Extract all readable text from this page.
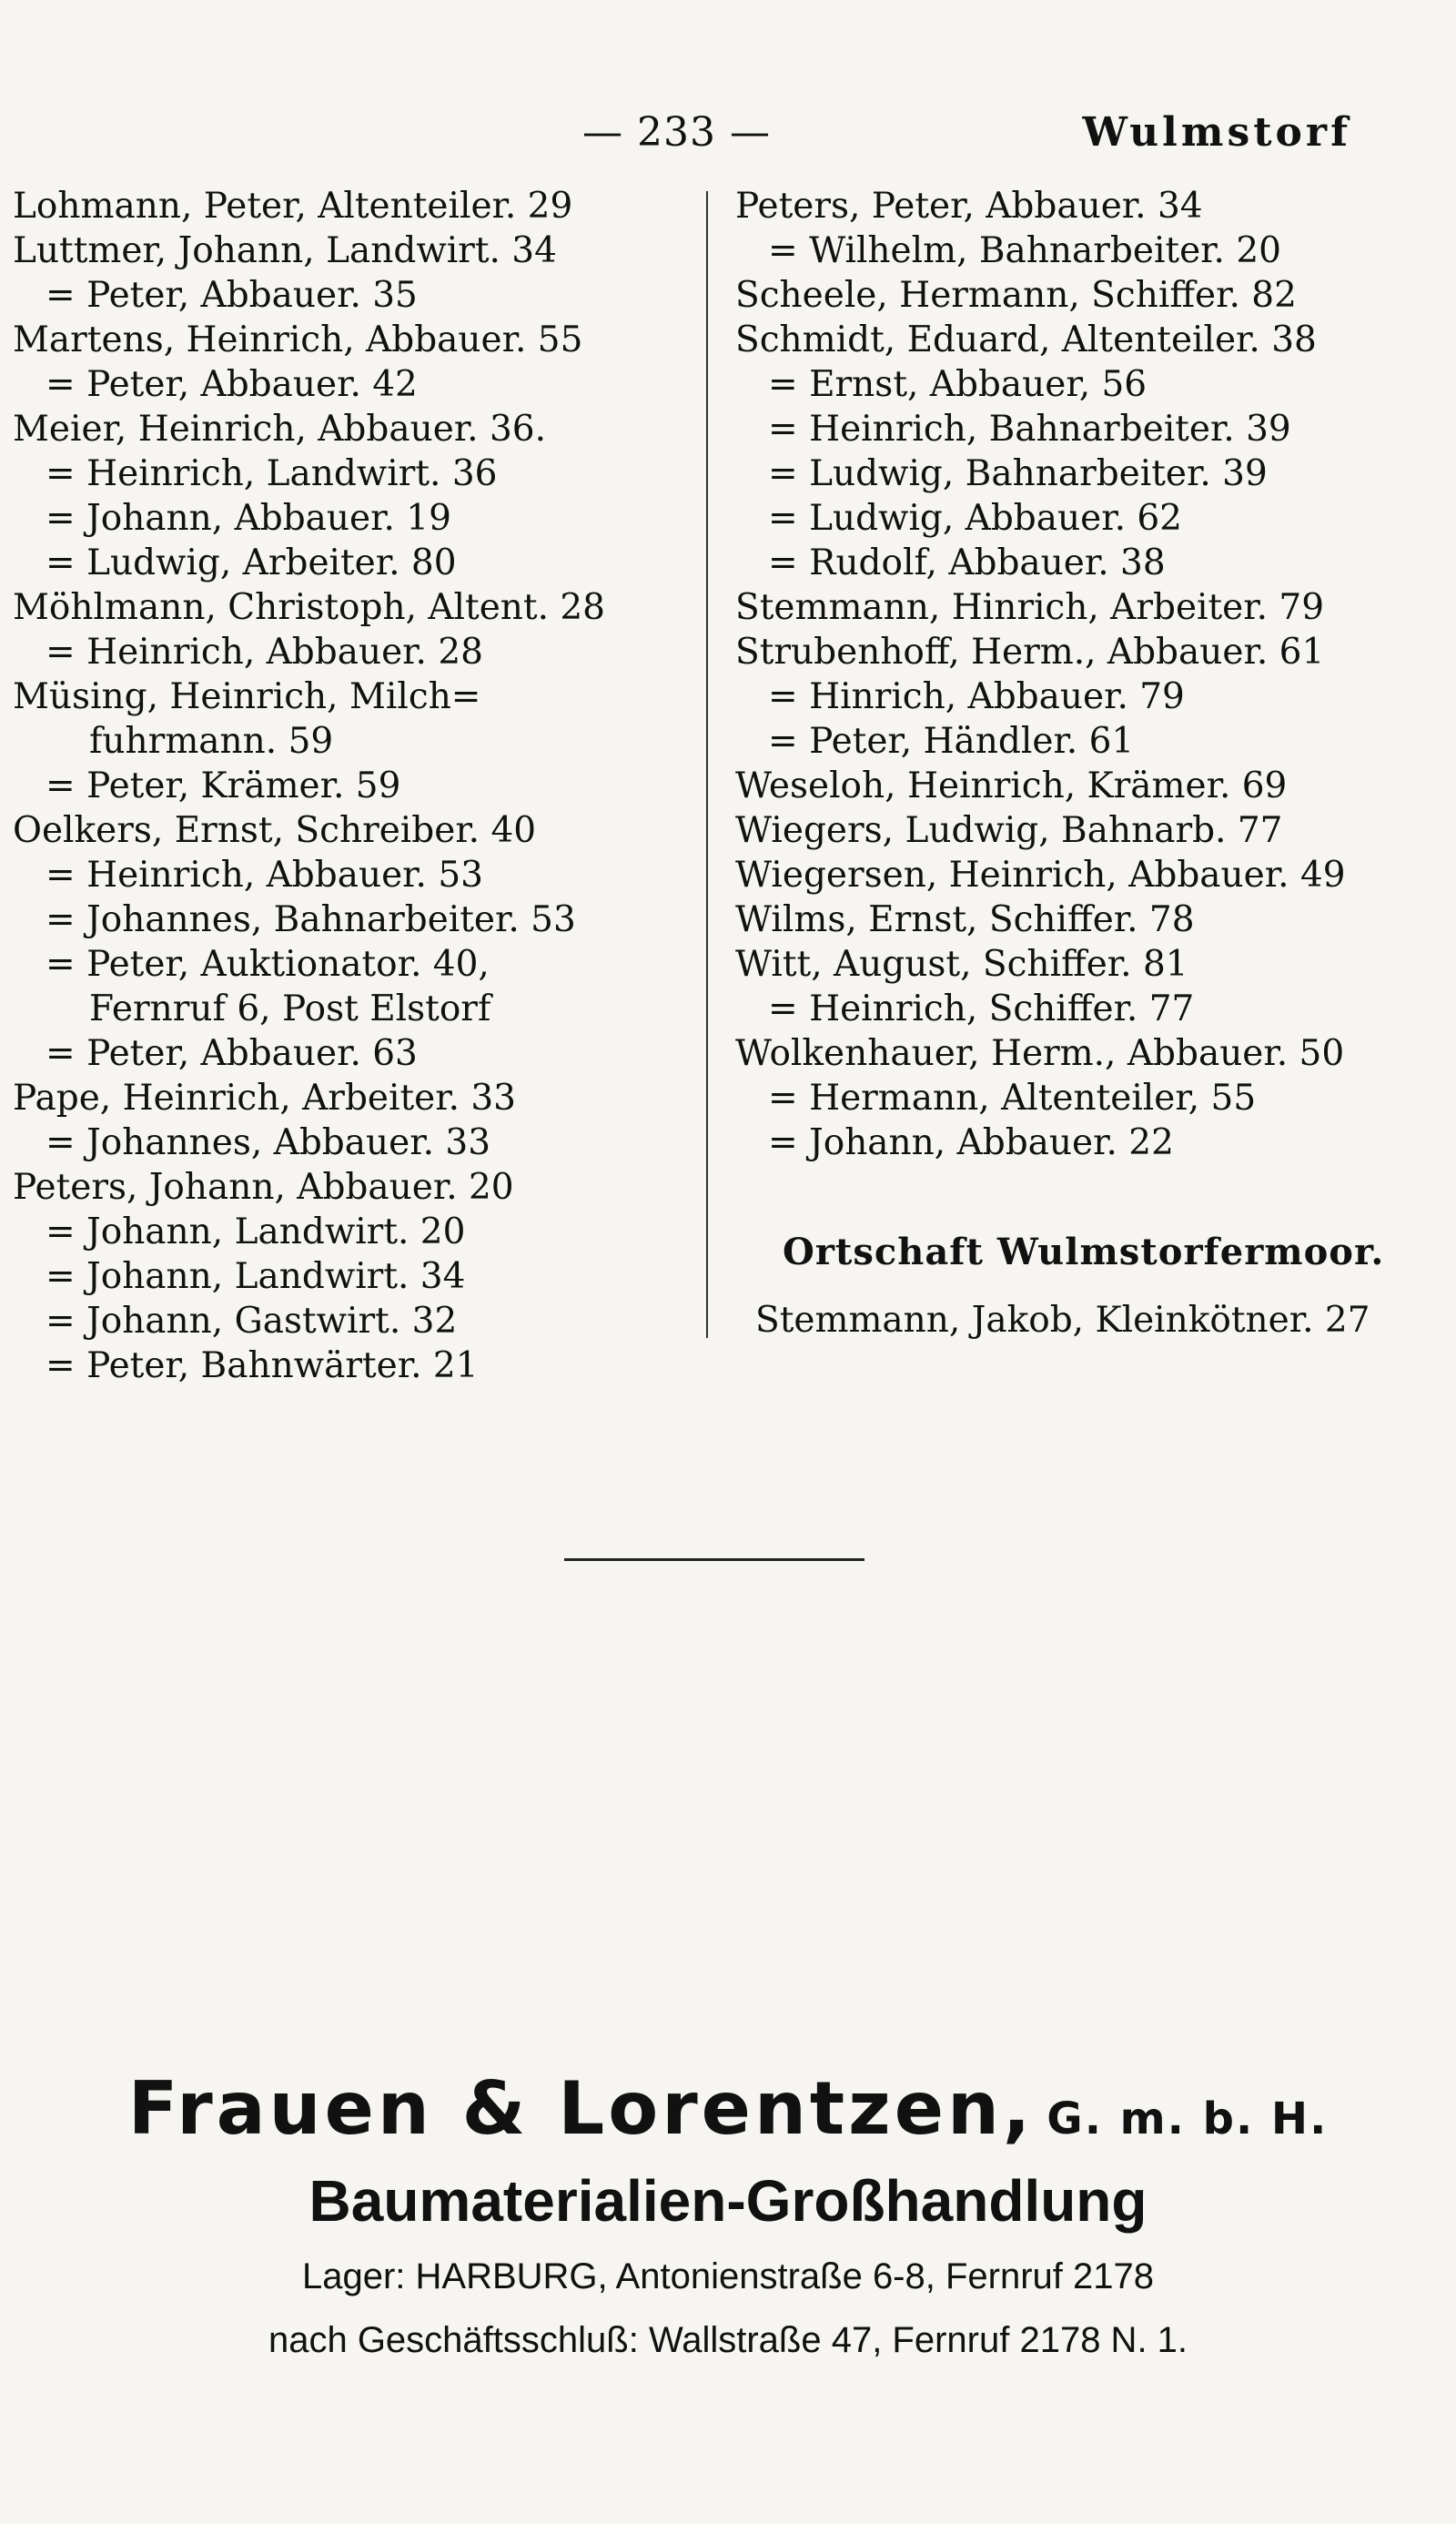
— 233 —	Wulmstorf
Lohmann, Peter, Altenteiler. 29
Luttmer, Johann, Landwirt. 34
= Peter, Abbauer. 35
Martens, Heinrich, Abbauer. 55
= Peter, Abbauer. 42
Meier, Heinrich, Abbauer. 36.
= Heinrich, Landwirt. 36
= Johann, Abbauer. 19
= Ludwig, Arbeiter. 80
Möhlmann, Christoph, Altent. 28
= Heinrich, Abbauer. 28
Müsing, Heinrich, Milch=
fuhrmann. 59
= Peter, Krämer. 59
Oelkers, Ernst, Schreiber. 40
= Heinrich, Abbauer. 53
= Johannes, Bahnarbeiter. 53
= Peter, Auktionator. 40,
Fernruf 6, Post Elstorf
= Peter, Abbauer. 63
Pape, Heinrich, Arbeiter. 33
= Johannes, Abbauer. 33
Peters, Johann, Abbauer. 20
= Johann, Landwirt. 20
= Johann, Landwirt. 34
= Johann, Gastwirt. 32
= Peter, Bahnwärter. 21
Peters, Peter, Abbauer. 34
= Wilhelm, Bahnarbeiter. 20
Scheele, Hermann, Schiffer. 82
Schmidt, Eduard, Altenteiler. 38
= Ernst, Abbauer, 56
= Heinrich, Bahnarbeiter. 39
= Ludwig, Bahnarbeiter. 39
= Ludwig, Abbauer. 62
= Rudolf, Abbauer. 38
Stemmann, Hinrich, Arbeiter. 79
Strubenhoff, Herm., Abbauer. 61
= Hinrich, Abbauer. 79
= Peter, Händler. 61
Weseloh, Heinrich, Krämer. 69
Wiegers, Ludwig, Bahnarb. 77
Wiegersen, Heinrich, Abbauer. 49
Wilms, Ernst, Schiffer. 78
Witt, August, Schiffer. 81
= Heinrich, Schiffer. 77
Wolkenhauer, Herm., Abbauer. 50
= Hermann, Altenteiler, 55
= Johann, Abbauer. 22
Ortschaft Wulmstorfermoor.
Stemmann, Jakob, Kleinkötner. 27
Frauen & Lorentzen, G. m. b. H.
Baumaterialien-Großhandlung
Lager: HARBURG, Antonienstraße 6-8, Fernruf 2178
nach Geschäftsschluß: Wallstraße 47, Fernruf 2178 N. 1.
